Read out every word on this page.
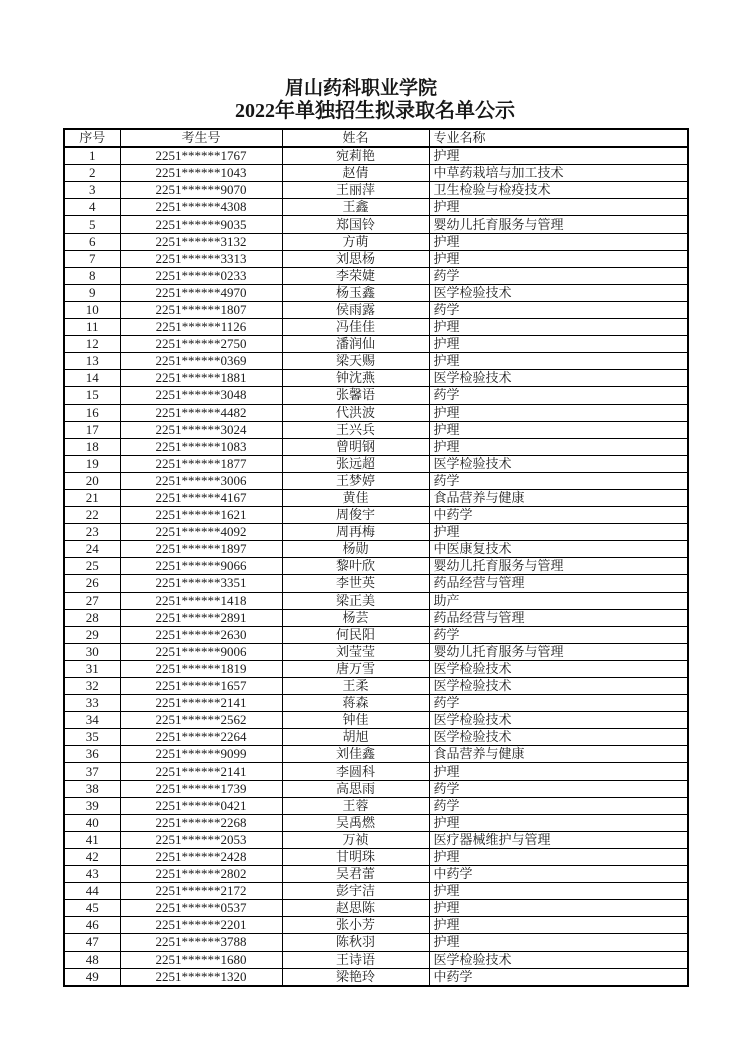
眉山药科职业学院
2022年单独招生拟录取名单公示
序号	考生号	姓名	专业名称
1	2251******1767	宛莉艳	护理
2	2251******1043	赵倩	中草药栽培与加工技术
3	2251******9070	王丽萍	卫生检验与检疫技术
4	2251******4308	王鑫	护理
5	2251******9035	郑国铃	婴幼儿托育服务与管理
6	2251******3132	方萌	护理
7	2251******3313	刘思杨	护理
8	2251******0233	李荣婕	药学
9	2251******4970	杨玉鑫	医学检验技术
10	2251******1807	侯雨露	药学
11	2251******1126	冯佳佳	护理
12	2251******2750	潘润仙	护理
13	2251******0369	梁天赐	护理
14	2251******1881	钟沈燕	医学检验技术
15	2251******3048	张馨语	药学
16	2251******4482	代洪波	护理
17	2251******3024	王兴兵	护理
18	2251******1083	曾明钢	护理
19	2251******1877	张远超	医学检验技术
20	2251******3006	王梦婷	药学
21	2251******4167	黄佳	食品营养与健康
22	2251******1621	周俊宇	中药学
23	2251******4092	周再梅	护理
24	2251******1897	杨勋	中医康复技术
25	2251******9066	黎叶欣	婴幼儿托育服务与管理
26	2251******3351	李世英	药品经营与管理
27	2251******1418	梁正美	助产
28	2251******2891	杨芸	药品经营与管理
29	2251******2630	何民阳	药学
30	2251******9006	刘莹莹	婴幼儿托育服务与管理
31	2251******1819	唐万雪	医学检验技术
32	2251******1657	王柔	医学检验技术
33	2251******2141	蒋森	药学
34	2251******2562	钟佳	医学检验技术
35	2251******2264	胡旭	医学检验技术
36	2251******9099	刘佳鑫	食品营养与健康
37	2251******2141	李圆科	护理
38	2251******1739	高思雨	药学
39	2251******0421	王蓉	药学
40	2251******2268	吴禹燃	护理
41	2251******2053	万祯	医疗器械维护与管理
42	2251******2428	甘明珠	护理
43	2251******2802	吴君蕾	中药学
44	2251******2172	彭宇洁	护理
45	2251******0537	赵思陈	护理
46	2251******2201	张小芳	护理
47	2251******3788	陈秋羽	护理
48	2251******1680	王诗语	医学检验技术
49	2251******1320	梁艳玲	中药学
